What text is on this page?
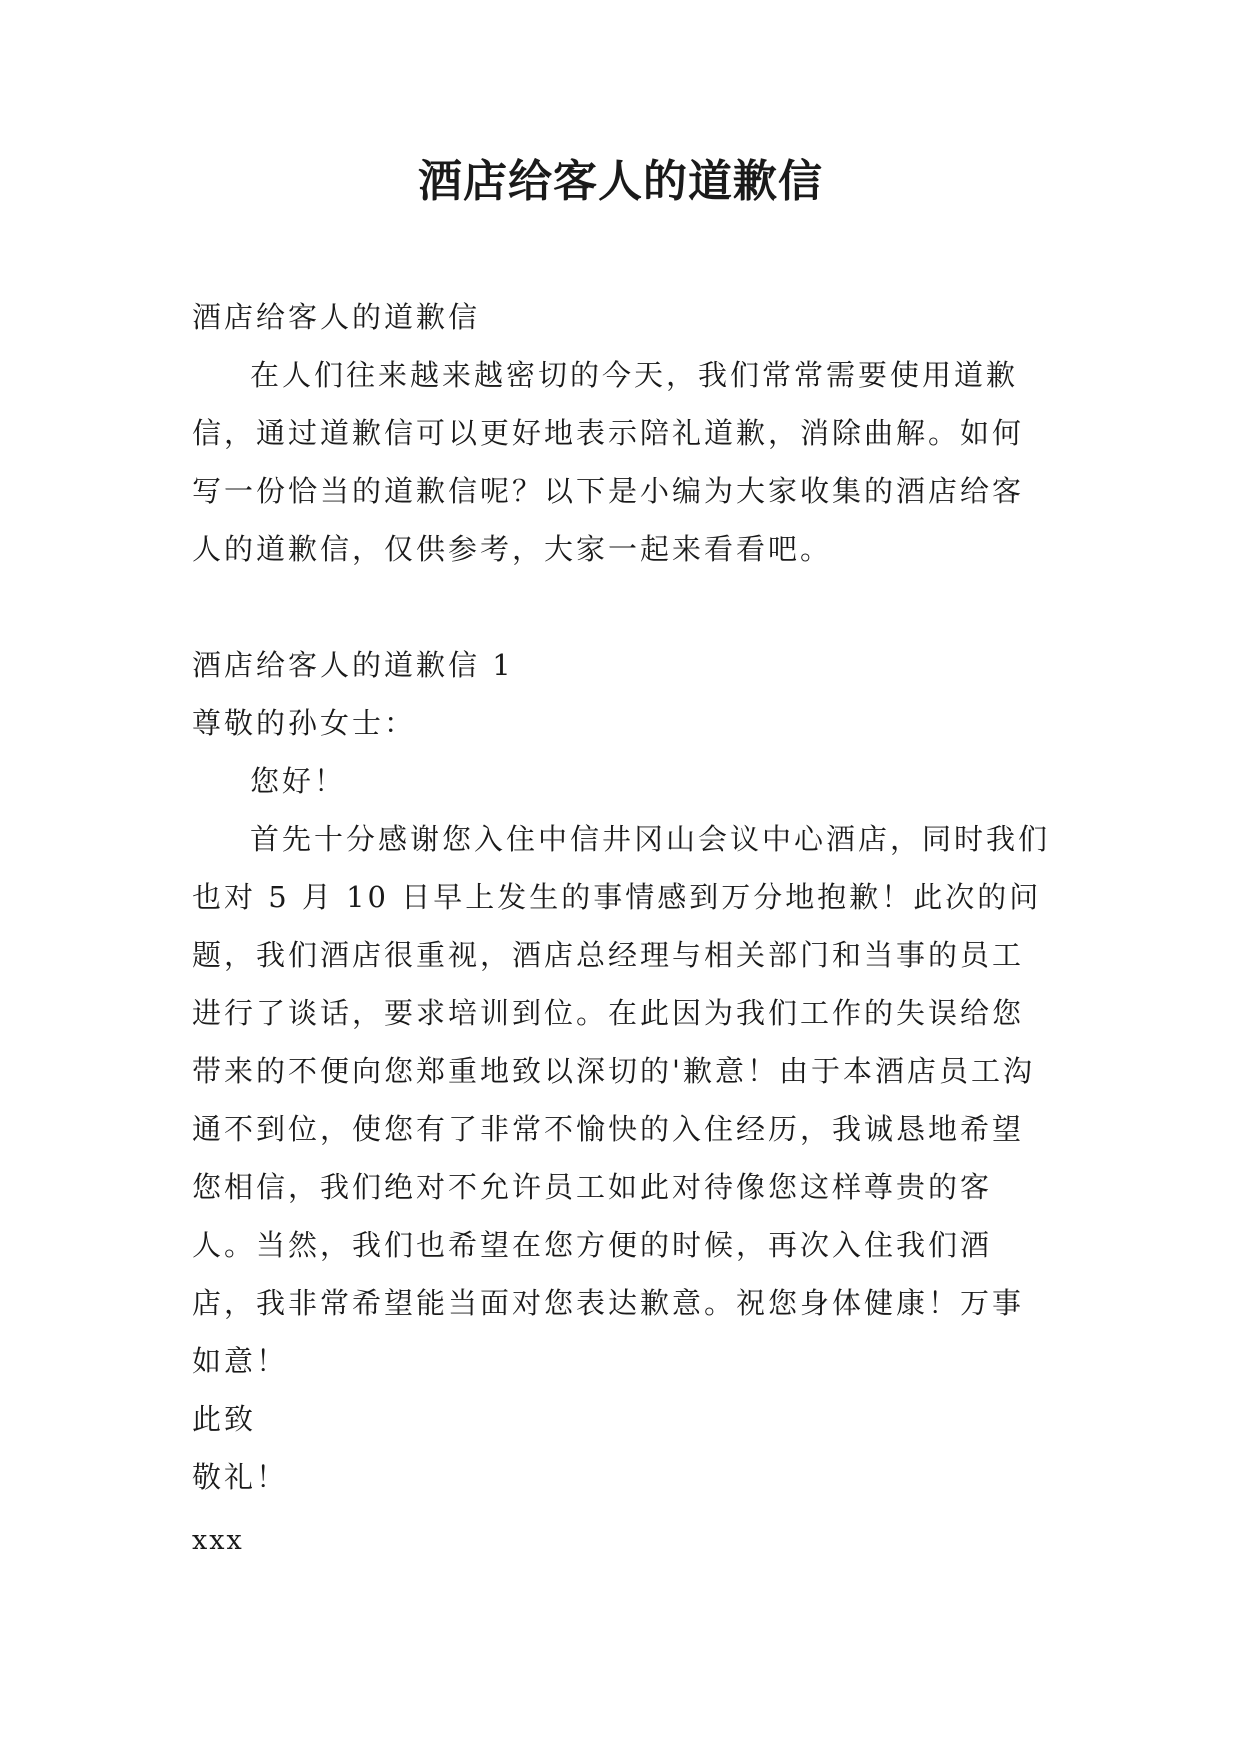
酒店给客人的道歉信

酒店给客人的道歉信

在人们往来越来越密切的今天，我们常常需要使用道歉信，通过道歉信可以更好地表示陪礼道歉，消除曲解。如何写一份恰当的道歉信呢？以下是小编为大家收集的酒店给客人的道歉信，仅供参考，大家一起来看看吧。

酒店给客人的道歉信 1

尊敬的孙女士：

您好！

首先十分感谢您入住中信井冈山会议中心酒店，同时我们也对 5 月 10 日早上发生的事情感到万分地抱歉！此次的问题，我们酒店很重视，酒店总经理与相关部门和当事的员工进行了谈话，要求培训到位。在此因为我们工作的失误给您带来的不便向您郑重地致以深切的'歉意！由于本酒店员工沟通不到位，使您有了非常不愉快的入住经历，我诚恳地希望您相信，我们绝对不允许员工如此对待像您这样尊贵的客人。当然，我们也希望在您方便的时候，再次入住我们酒店，我非常希望能当面对您表达歉意。祝您身体健康！万事如意！

此致

敬礼！

xxx
